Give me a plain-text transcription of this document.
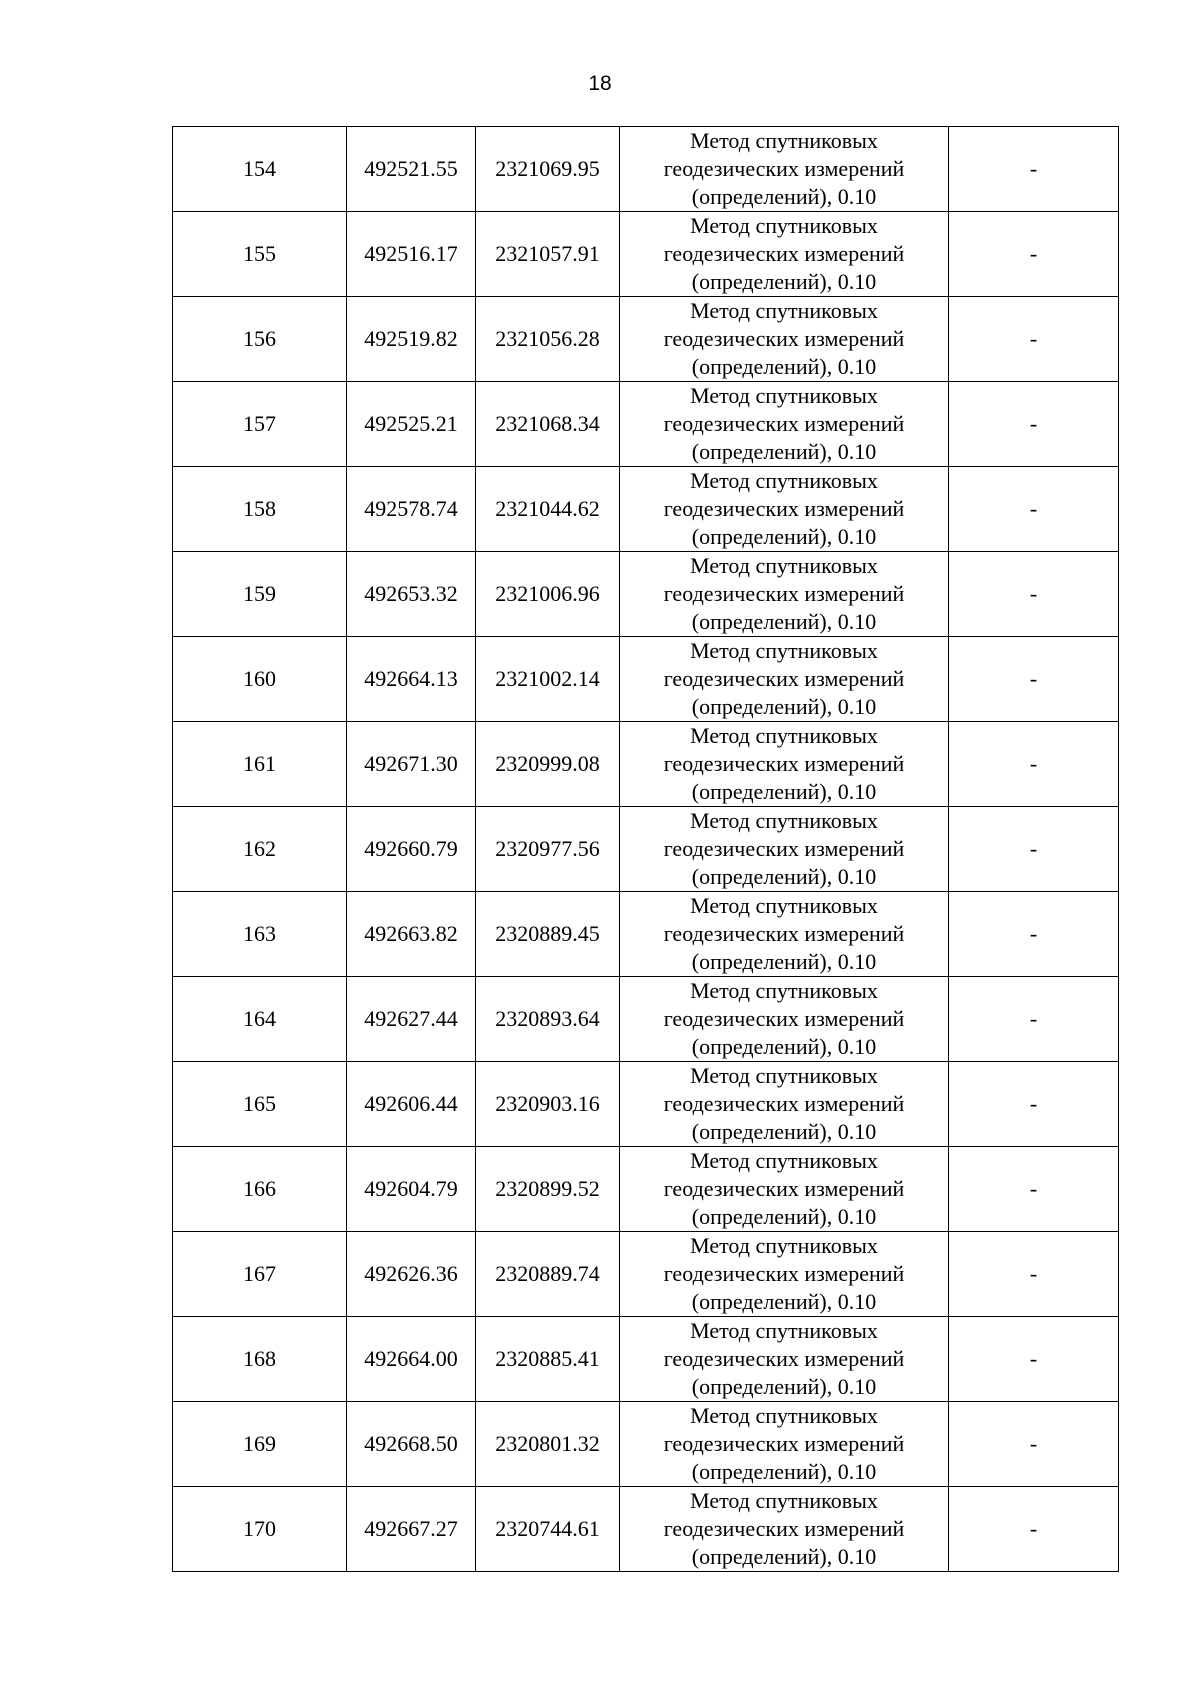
18
154	492521.55	2321069.95	Метод спутниковых
геодезических измерений
(определений), 0.10	-
155	492516.17	2321057.91	Метод спутниковых
геодезических измерений
(определений), 0.10	-
156	492519.82	2321056.28	Метод спутниковых
геодезических измерений
(определений), 0.10	-
157	492525.21	2321068.34	Метод спутниковых
геодезических измерений
(определений), 0.10	-
158	492578.74	2321044.62	Метод спутниковых
геодезических измерений
(определений), 0.10	-
159	492653.32	2321006.96	Метод спутниковых
геодезических измерений
(определений), 0.10	-
160	492664.13	2321002.14	Метод спутниковых
геодезических измерений
(определений), 0.10	-
161	492671.30	2320999.08	Метод спутниковых
геодезических измерений
(определений), 0.10	-
162	492660.79	2320977.56	Метод спутниковых
геодезических измерений
(определений), 0.10	-
163	492663.82	2320889.45	Метод спутниковых
геодезических измерений
(определений), 0.10	-
164	492627.44	2320893.64	Метод спутниковых
геодезических измерений
(определений), 0.10	-
165	492606.44	2320903.16	Метод спутниковых
геодезических измерений
(определений), 0.10	-
166	492604.79	2320899.52	Метод спутниковых
геодезических измерений
(определений), 0.10	-
167	492626.36	2320889.74	Метод спутниковых
геодезических измерений
(определений), 0.10	-
168	492664.00	2320885.41	Метод спутниковых
геодезических измерений
(определений), 0.10	-
169	492668.50	2320801.32	Метод спутниковых
геодезических измерений
(определений), 0.10	-
170	492667.27	2320744.61	Метод спутниковых
геодезических измерений
(определений), 0.10	-
